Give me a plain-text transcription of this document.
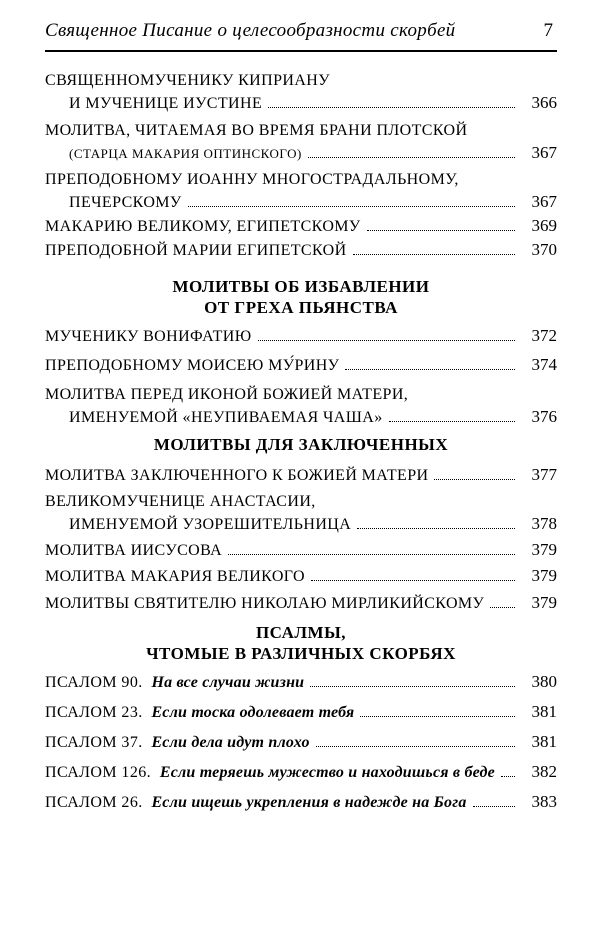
Священное Писание о целесообразности скорбей	7
СВЯЩЕННОМУЧЕНИКУ КИПРИАНУ
И МУЧЕНИЦЕ ИУСТИНЕ	366
МОЛИТВА, ЧИТАЕМАЯ ВО ВРЕМЯ БРАНИ ПЛОТСКОЙ
(СТАРЦА МАКАРИЯ ОПТИНСКОГО)	367
ПРЕПОДОБНОМУ ИОАННУ МНОГОСТРАДАЛЬНОМУ,
ПЕЧЕРСКОМУ	367
МАКАРИЮ ВЕЛИКОМУ, ЕГИПЕТСКОМУ	369
ПРЕПОДОБНОЙ МАРИИ ЕГИПЕТСКОЙ	370
МОЛИТВЫ ОБ ИЗБАВЛЕНИИ
ОТ ГРЕХА ПЬЯНСТВА
МУЧЕНИКУ ВОНИФАТИЮ	372
ПРЕПОДОБНОМУ МОИСЕЮ МУ́РИНУ	374
МОЛИТВА ПЕРЕД ИКОНОЙ БОЖИЕЙ МАТЕРИ,
ИМЕНУЕМОЙ «НЕУПИВАЕМАЯ ЧАША»	376
МОЛИТВЫ ДЛЯ ЗАКЛЮЧЕННЫХ
МОЛИТВА ЗАКЛЮЧЕННОГО К БОЖИЕЙ МАТЕРИ	377
ВЕЛИКОМУЧЕНИЦЕ АНАСТАСИИ,
ИМЕНУЕМОЙ УЗОРЕШИТЕЛЬНИЦА	378
МОЛИТВА ИИСУСОВА	379
МОЛИТВА МАКАРИЯ ВЕЛИКОГО	379
МОЛИТВЫ СВЯТИТЕЛЮ НИКОЛАЮ МИРЛИКИЙСКОМУ	379
ПСАЛМЫ,
ЧТОМЫЕ В РАЗЛИЧНЫХ СКОРБЯХ
ПСАЛОМ 90. На все случаи жизни	380
ПСАЛОМ 23. Если тоска одолевает тебя	381
ПСАЛОМ 37. Если дела идут плохо	381
ПСАЛОМ 126. Если теряешь мужество и находишься в беде	382
ПСАЛОМ 26. Если ищешь укрепления в надежде на Бога	383
